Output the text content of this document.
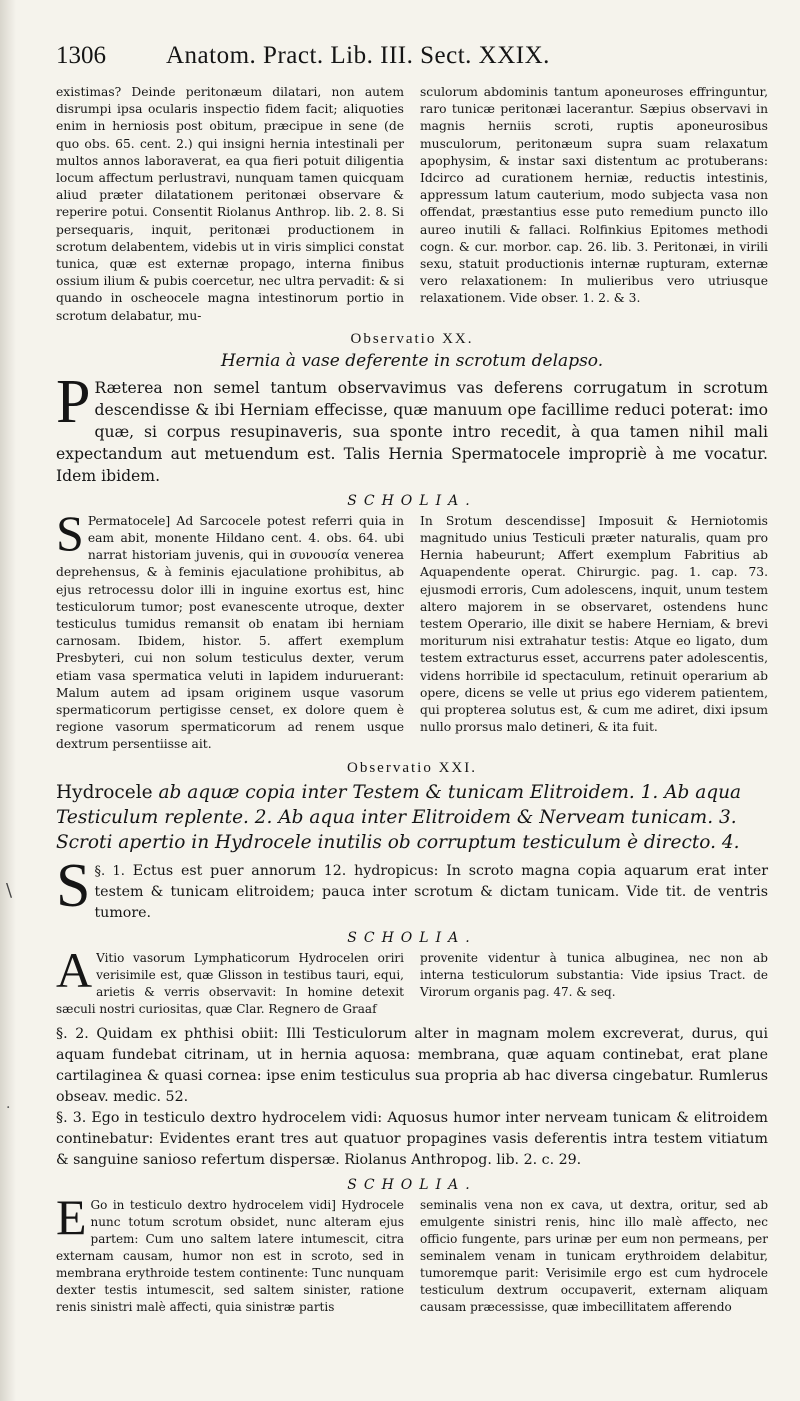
\
·
1306	Anatom. Pract. Lib. III. Sect. XXIX.

existimas? Deinde peritonæum dilatari, non autem disrumpi ipsa ocularis inspectio fidem facit; aliquoties enim in herniosis post obitum, præcipue in sene (de quo obs. 65. cent. 2.) qui insigni hernia intestinali per multos annos laboraverat, ea qua fieri potuit diligentia locum affectum perlustravi, nunquam tamen quicquam aliud præter dilatationem peritonæi observare & reperire potui. Consentit Riolanus Anthrop. lib. 2. 8. Si persequaris, inquit, peritonæi productionem in scrotum delabentem, videbis ut in viris simplici constat tunica, quæ est externæ propago, interna finibus ossium ilium & pubis coercetur, nec ultra pervadit: & si quando in oscheocele magna intestinorum portio in scrotum delabatur, mu-

sculorum abdominis tantum aponeuroses effringuntur, raro tunicæ peritonæi lacerantur. Sæpius observavi in magnis herniis scroti, ruptis aponeurosibus musculorum, peritonæum supra suam relaxatum apophysim, & instar saxi distentum ac protuberans: Idcirco ad curationem herniæ, reductis intestinis, appressum latum cauterium, modo subjecta vasa non offendat, præstantius esse puto remedium puncto illo aureo inutili & fallaci. Rolfinkius Epitomes methodi cogn. & cur. morbor. cap. 26. lib. 3. Peritonæi, in virili sexu, statuit productionis internæ rupturam, externæ vero relaxationem: In mulieribus vero utriusque relaxationem. Vide obser. 1. 2. & 3.

Observatio XX.
Hernia à vase deferente in scrotum delapso.

P Ræterea non semel tantum observavimus vas deferens corrugatum in scrotum descendisse & ibi Herniam effecisse, quæ manuum ope facillime reduci poterat: imo quæ, si corpus resupinaveris, sua sponte intro recedit, à qua tamen nihil mali expectandum aut metuendum est. Talis Hernia Spermatocele impropriè à me vocatur. Idem ibidem.

SCHOLIA.

S Permatocele] Ad Sarcocele potest referri quia in eam abit, monente Hildano cent. 4. obs. 64. ubi narrat historiam juvenis, qui in συνουσία venerea deprehensus, & à feminis ejaculatione prohibitus, ab ejus retrocessu dolor illi in inguine exortus est, hinc testiculorum tumor; post evanescente utroque, dexter testiculus tumidus remansit ob enatam ibi herniam carnosam. Ibidem, histor. 5. affert exemplum Presbyteri, cui non solum testiculus dexter, verum etiam vasa spermatica veluti in lapidem induruerant: Malum autem ad ipsam originem usque vasorum spermaticorum pertigisse censet, ex dolore quem è regione vasorum spermaticorum ad renem usque dextrum persentiisse ait.

In Srotum descendisse] Imposuit & Herniotomis magnitudo unius Testiculi præter naturalis, quam pro Hernia habeurunt; Affert exemplum Fabritius ab Aquapendente operat. Chirurgic. pag. 1. cap. 73. ejusmodi erroris, Cum adolescens, inquit, unum testem altero majorem in se observaret, ostendens hunc testem Operario, ille dixit se habere Herniam, & brevi moriturum nisi extrahatur testis: Atque eo ligato, dum testem extracturus esset, accurrens pater adolescentis, videns horribile id spectaculum, retinuit operarium ab opere, dicens se velle ut prius ego viderem patientem, qui propterea solutus est, & cum me adiret, dixi ipsum nullo prorsus malo detineri, & ita fuit.

Observatio XXI.
Hydrocele ab aquæ copia inter Testem & tunicam Elitroidem. 1. Ab aqua Testiculum replente. 2. Ab aqua inter Elitroidem & Nerveam tunicam. 3. Scroti apertio in Hydrocele inutilis ob corruptum testiculum è directo. 4.

§. 1.
S	Ectus est puer annorum 12. hydropicus: In scroto magna copia aquarum erat inter testem & tunicam elitroidem; pauca inter scrotum & dictam tunicam. Vide tit. de ventris tumore.

SCHOLIA.

A Vitio vasorum Lymphaticorum Hydrocelen oriri verisimile est, quæ Glisson in testibus tauri, equi, arietis & verris observavit: In homine detexit sæculi nostri curiositas, quæ Clar. Regnero de Graaf

provenite videntur à tunica albuginea, nec non ab interna testiculorum substantia: Vide ipsius Tract. de Virorum organis pag. 47. & seq.

§. 2. Quidam ex phthisi obiit: Illi Testiculorum alter in magnam molem excreverat, durus, qui aquam fundebat citrinam, ut in hernia aquosa: membrana, quæ aquam continebat, erat plane cartilaginea & quasi cornea: ipse enim testiculus sua propria ab hac diversa cingebatur. Rumlerus obseav. medic. 52.

§. 3. Ego in testiculo dextro hydrocelem vidi: Aquosus humor inter nerveam tunicam & elitroidem continebatur: Evidentes erant tres aut quatuor propagines vasis deferentis intra testem vitiatum & sanguine sanioso refertum dispersæ. Riolanus Anthropog. lib. 2. c. 29.

SCHOLIA.

E Go in testiculo dextro hydrocelem vidi] Hydrocele nunc totum scrotum obsidet, nunc alteram ejus partem: Cum uno saltem latere intumescit, citra externam causam, humor non est in scroto, sed in membrana erythroide testem continente: Tunc nunquam dexter testis intumescit, sed saltem sinister, ratione renis sinistri malè affecti, quia sinistræ partis

seminalis vena non ex cava, ut dextra, oritur, sed ab emulgente sinistri renis, hinc illo malè affecto, nec officio fungente, pars urinæ per eum non permeans, per seminalem venam in tunicam erythroidem delabitur, tumoremque parit: Verisimile ergo est cum hydrocele testiculum dextrum occupaverit, externam aliquam causam præcessisse, quæ imbecillitatem afferendo
